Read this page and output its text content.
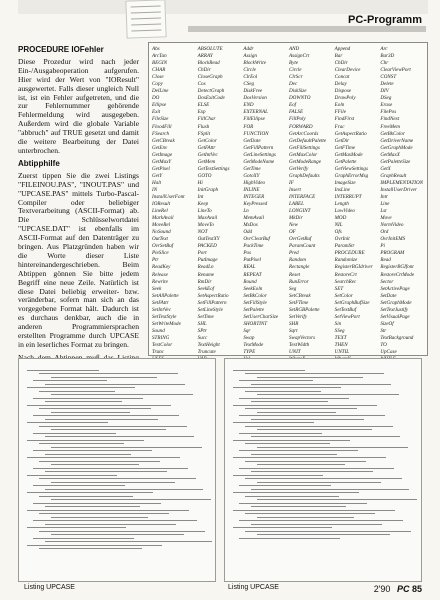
PC-Programm
PROCEDURE IOFehler

Diese Prozedur wird nach jeder Ein-/Ausgabeoperation aufgerufen. Hier wird der Wert von "IOResult" ausgewertet. Falls dieser ungleich Null ist, ist ein Fehler aufgetreten, und die zur Fehlernummer gehörende Fehlermeldung wird ausgegeben. Außerdem wird die globale Variable "abbruch" auf TRUE gesetzt und damit die weitere Bearbeitung der Datei unterbrochen.

Abtipphilfe

Zuerst tippen Sie die zwei Listings "FILEINOU.PAS", "INOUT.PAS" und "UPCASE.PAS" mittels Turbo-Pascal-Compiler oder beliebiger Textverarbeitung (ASCII-Format) ab. Die Schlüsselwortdatei "UPCASE.DAT" ist ebenfalls im ASCII-Format auf den Datenträger zu bringen. Aus Platzgründen haben wir die Worte dieser Liste hintereinandergeschrieben. Beim Abtippen gönnen Sie bitte jedem Begriff eine neue Zeile. Natürlich ist diese Datei beliebig erweiter- bzw. veränderbar, sofern man sich an das vorgegebene Format hält. Dadurch ist es durchaus denkbar, auch die in anderen Programmiersprachen erstellten Programme durch UPCASE in ein leserliches Format zu bringen.

Abs	ABSOLUTE	Addr	AND	Append	Arc
ArcTan	ARRAY	Assign	AssignCrt	Bar	Bar3D
BEGIN	BlockRead	BlockWrite	Byte	ChDir	Chr
CHAR	ChDir	Circle	Circle	ClearDevice	ClearViewPort
Close	CloseGraph	ClrEol	ClrScr	Concat	CONST
Copy	Cos	CSeg	Dec	Delay	Delete
DelLine	DetectGraph	DiskFree	DiskSize	Dispose	DIV
DO	DosExitCode	DosVersion	DOWNTO	DrawPoly	DSeg
Ellipse	ELSE	END	Eof	Eoln	Erase
Exit	Exp	EXTERNAL	FALSE	FFile	FilePos
FileSize	FillChar	FillEllipse	FillPoly	FindFirst	FindNext
FloodFill	Flush	FOR	FORWARD	Frac	FreeMem
FSearch	FSplit	FUNCTION	GetArcCoords	GetAspectRatio	GetBkColor
GetCBreak	GetColor	GetDate	GetDefaultPalette	GetDir	GetDriverName
GetEnv	GetFAttr	GetFillPattern	GetFillSettings	GetFTime	GetGraphMode
GetImage	GetIntVec	GetLineSettings	GetMaxColor	GetMaxMode	GetMaxX
GetMaxY	GetMem	GetModeName	GetModeRange	GetPalette	GetPaletteSize
GetPixel	GetTextSettings	GetTime	GetVerify	GetViewSettings	GetX
GetY	GOTO	GotoXY	GraphDefaults	GraphErrorMsg	GraphResult
Halt	Hi	HighVideo	IF	ImageSize	IMPLEMENTATION
IN	InitGraph	INLINE	Insert	InsLine	InstallUserDriver
InstallUserFont	Int	INTEGER	INTERFACE	INTERRUPT	Intr
IOResult	Keep	KeyPressed	LABEL	Length	Line
LineRel	LineTo	Ln	LONGINT	LowVideo	Lst
MarkAvail	MaxAvail	MemAvail	MkDir	MOD	Move
MoveRel	MoveTo	MsDos	New	NIL	NormVideo
NoSound	NOT	Odd	OF	Ofs	Ord
OutText	OutTextXY	OvrClearBuf	OvrGetBuf	OvrInit	OvrInitEMS
OvrSetBuf	PACKED	PackTime	ParamCount	ParamStr	Pi
PieSlice	Port	Pos	Pred	PROCEDURE	PROGRAM
Ptr	PutImage	PutPixel	Random	Randomize	Read
ReadKey	ReadLn	REAL	Rectangle	RegisterBGIdriver	RegisterBGIfont
Release	Rename	REPEAT	Reset	RestoreCrt	RestoreCrtMode
Rewrite	RmDir	Round	RunError	SearchRec	Sector
Seek	SeekEof	SeekEoln	Seg	SET	SetActivePage
SetAllPalette	SetAspectRatio	SetBkColor	SetCBreak	SetColor	SetDate
SetFAttr	SetFillPattern	SetFillStyle	SetFTime	SetGraphBufSize	SetGraphMode
SetIntVec	SetLineStyle	SetPalette	SetRGBPalette	SetTextBuf	SetTextJustify
SetTextStyle	SetTime	SetUserCharSize	SetVerify	SetViewPort	SetVisualPage
SetWriteMode	SHL	SHORTINT	SHR	Sin	SizeOf
Sound	SPtr	Sqr	Sqrt	SSeg	Str
STRING	Succ	Swap	SwapVectors	TEXT	TextBackground
TextColor	TextHeight	TextMode	TextWidth	THEN	TO
Trunc	Truncate	TYPE	UNIT	UNTIL	UpCase
Listing UPCASE	Listing UPCASE	2'90 PC 85
